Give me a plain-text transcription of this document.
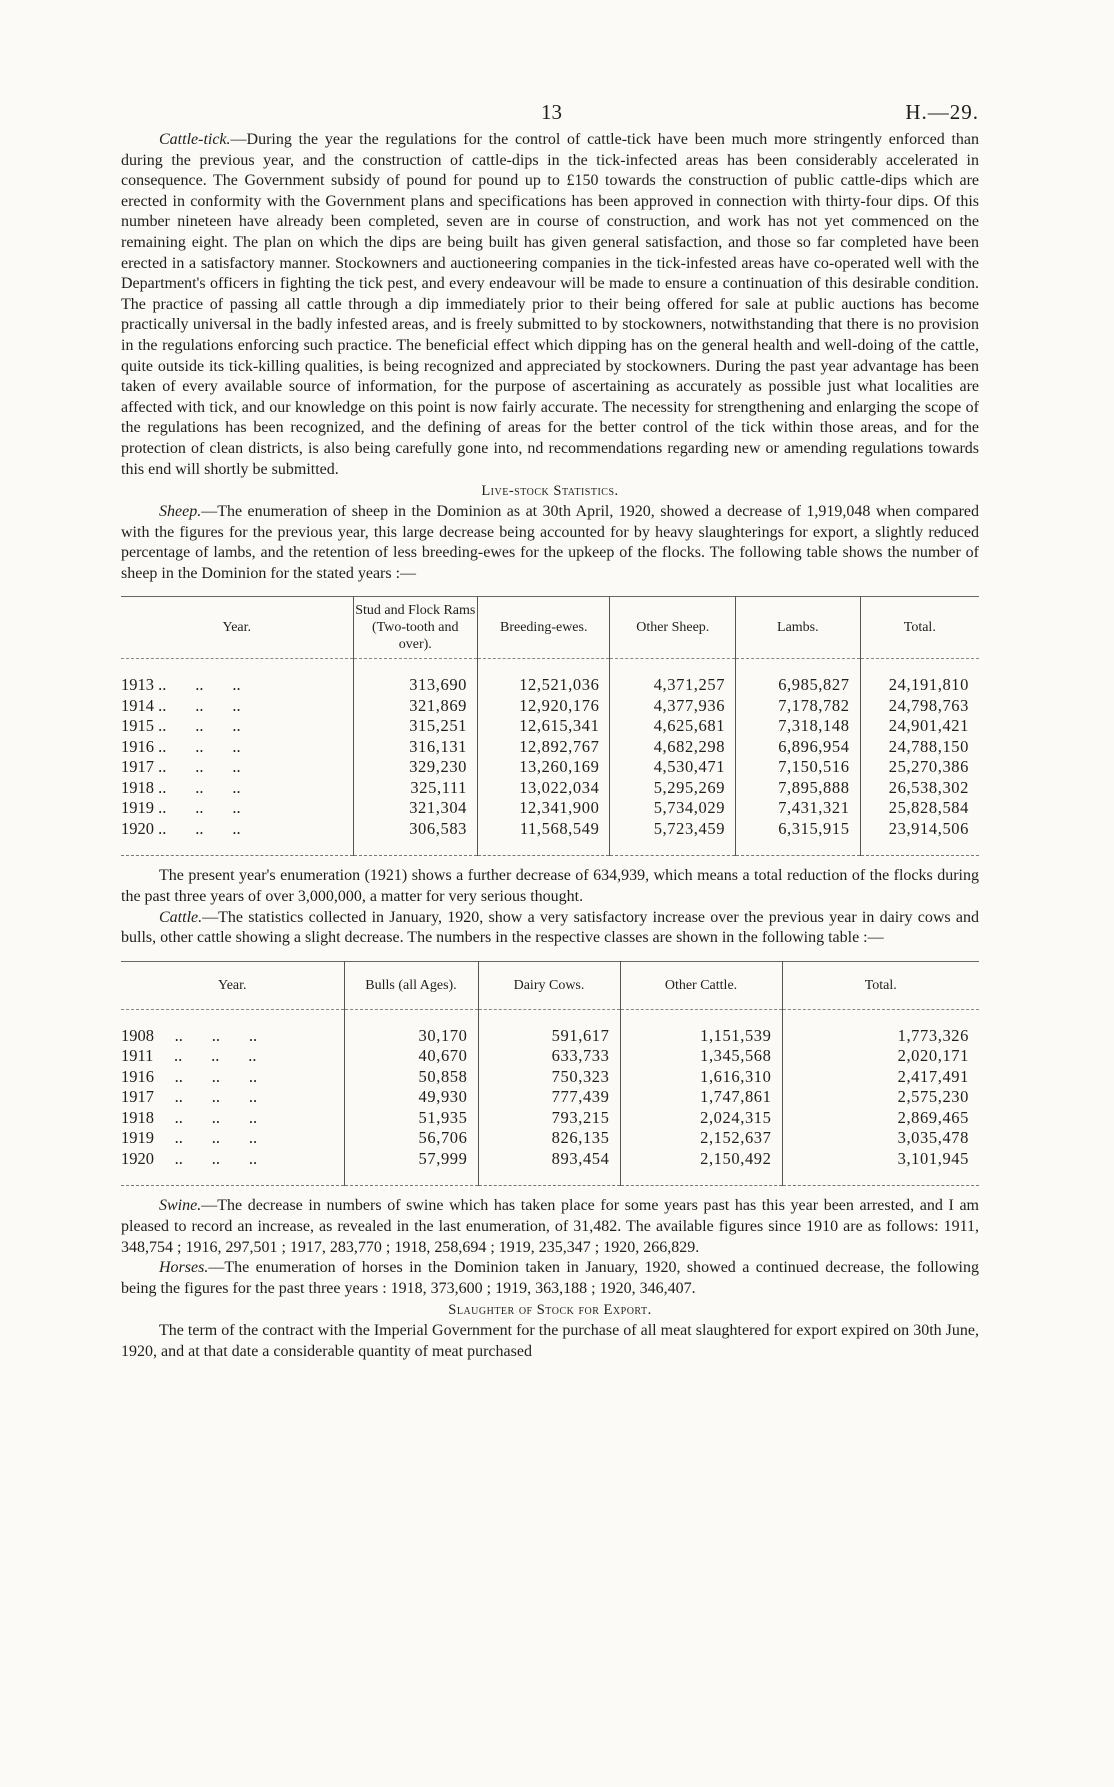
13	H.—29.

Cattle-tick.—During the year the regulations for the control of cattle-tick have been much more stringently enforced than during the previous year, and the construction of cattle-dips in the tick-infected areas has been considerably accelerated in consequence. The Government subsidy of pound for pound up to £150 towards the construction of public cattle-dips which are erected in conformity with the Government plans and specifications has been approved in connection with thirty-four dips. Of this number nineteen have already been completed, seven are in course of construction, and work has not yet commenced on the remaining eight. The plan on which the dips are being built has given general satisfaction, and those so far completed have been erected in a satisfactory manner. Stockowners and auctioneering companies in the tick-infested areas have co-operated well with the Department's officers in fighting the tick pest, and every endeavour will be made to ensure a continuation of this desirable condition. The practice of passing all cattle through a dip immediately prior to their being offered for sale at public auctions has become practically universal in the badly infested areas, and is freely submitted to by stockowners, notwithstanding that there is no provision in the regulations enforcing such practice. The beneficial effect which dipping has on the general health and well-doing of the cattle, quite outside its tick-killing qualities, is being recognized and appreciated by stockowners. During the past year advantage has been taken of every available source of information, for the purpose of ascertaining as accurately as possible just what localities are affected with tick, and our knowledge on this point is now fairly accurate. The necessity for strengthening and enlarging the scope of the regulations has been recognized, and the defining of areas for the better control of the tick within those areas, and for the protection of clean districts, is also being carefully gone into, nd recommendations regarding new or amending regulations towards this end will shortly be submitted.

Live-stock Statistics.

Sheep.—The enumeration of sheep in the Dominion as at 30th April, 1920, showed a decrease of 1,919,048 when compared with the figures for the previous year, this large decrease being accounted for by heavy slaughterings for export, a slightly reduced percentage of lambs, and the retention of less breeding-ewes for the upkeep of the flocks. The following table shows the number of sheep in the Dominion for the stated years :—

Year.	Stud and Flock Rams (Two-tooth and over).	Breeding-ewes.	Other Sheep.	Lambs.	Total.

1913 ..       ..       ..	313,690	12,521,036	4,371,257	6,985,827	24,191,810
1914 ..       ..       ..	321,869	12,920,176	4,377,936	7,178,782	24,798,763
1915 ..       ..       ..	315,251	12,615,341	4,625,681	7,318,148	24,901,421
1916 ..       ..       ..	316,131	12,892,767	4,682,298	6,896,954	24,788,150
1917 ..       ..       ..	329,230	13,260,169	4,530,471	7,150,516	25,270,386
1918 ..       ..       ..	325,111	13,022,034	5,295,269	7,895,888	26,538,302
1919 ..       ..       ..	321,304	12,341,900	5,734,029	7,431,321	25,828,584
1920 ..       ..       ..	306,583	11,568,549	5,723,459	6,315,915	23,914,506

The present year's enumeration (1921) shows a further decrease of 634,939, which means a total reduction of the flocks during the past three years of over 3,000,000, a matter for very serious thought.

Cattle.—The statistics collected in January, 1920, show a very satisfactory increase over the previous year in dairy cows and bulls, other cattle showing a slight decrease. The numbers in the respective classes are shown in the following table :—

Year.	Bulls (all Ages).	Dairy Cows.	Other Cattle.	Total.

1908     ..       ..       ..	30,170	591,617	1,151,539	1,773,326
1911     ..       ..       ..	40,670	633,733	1,345,568	2,020,171
1916     ..       ..       ..	50,858	750,323	1,616,310	2,417,491
1917     ..       ..       ..	49,930	777,439	1,747,861	2,575,230
1918     ..       ..       ..	51,935	793,215	2,024,315	2,869,465
1919     ..       ..       ..	56,706	826,135	2,152,637	3,035,478
1920     ..       ..       ..	57,999	893,454	2,150,492	3,101,945

Swine.—The decrease in numbers of swine which has taken place for some years past has this year been arrested, and I am pleased to record an increase, as revealed in the last enumeration, of 31,482. The available figures since 1910 are as follows: 1911, 348,754 ; 1916, 297,501 ; 1917, 283,770 ; 1918, 258,694 ; 1919, 235,347 ; 1920, 266,829.

Horses.—The enumeration of horses in the Dominion taken in January, 1920, showed a continued decrease, the following being the figures for the past three years : 1918, 373,600 ; 1919, 363,188 ; 1920, 346,407.

Slaughter of Stock for Export.

The term of the contract with the Imperial Government for the purchase of all meat slaughtered for export expired on 30th June, 1920, and at that date a considerable quantity of meat purchased
